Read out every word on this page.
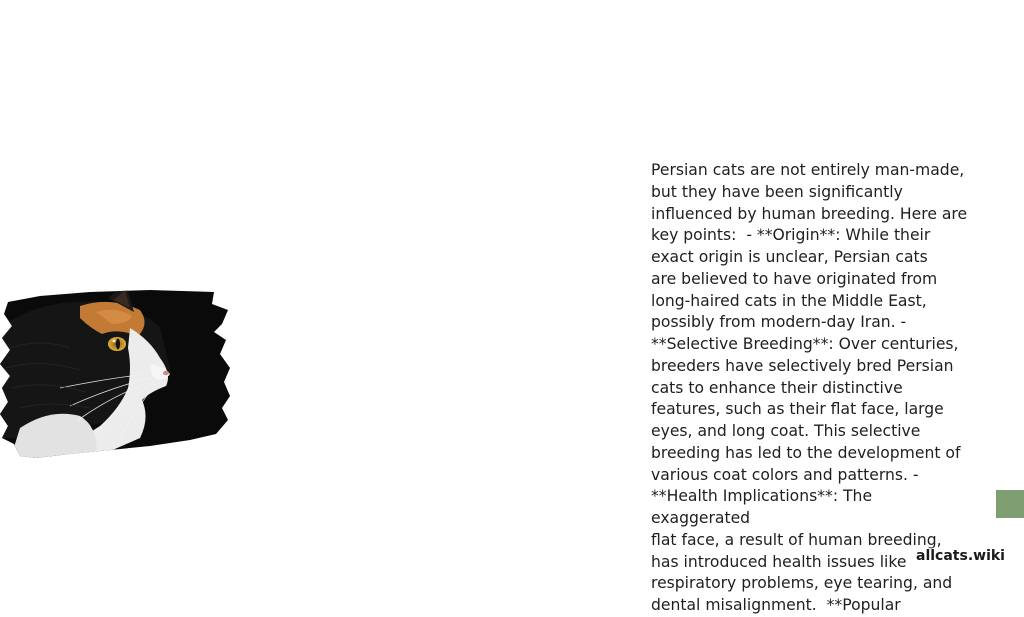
Persian cats are not entirely man-made,
but they have been significantly
influenced by human breeding. Here are
key points:  - **Origin**: While their
exact origin is unclear, Persian cats
are believed to have originated from
long-haired cats in the Middle East,
possibly from modern-day Iran. -
**Selective Breeding**: Over centuries,
breeders have selectively bred Persian
cats to enhance their distinctive
features, such as their flat face, large
eyes, and long coat. This selective
breeding has led to the development of
various coat colors and patterns. -
**Health Implications**: The exaggerated
flat face, a result of human breeding,
has introduced health issues like
respiratory problems, eye tearing, and
dental misalignment.  **Popular

allcats.wiki
